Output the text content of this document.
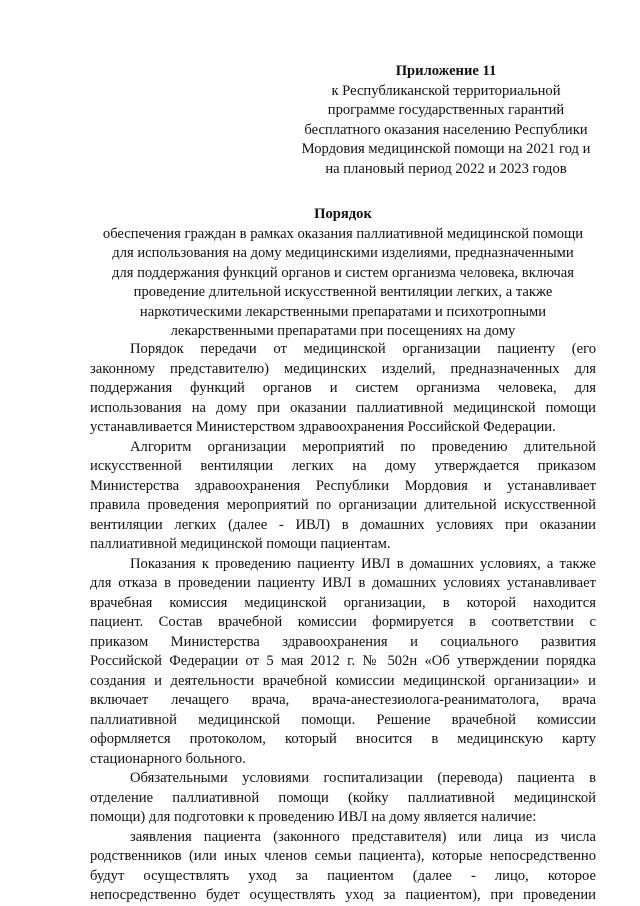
Приложение 11
к Республиканской территориальной
программе государственных гарантий
бесплатного оказания населению Республики
Мордовия медицинской помощи на 2021 год и
на плановый период 2022 и 2023 годов
Порядок
обеспечения граждан в рамках оказания паллиативной медицинской помощи
для использования на дому медицинскими изделиями, предназначенными
для поддержания функций органов и систем организма человека, включая
проведение длительной искусственной вентиляции легких, а также
наркотическими лекарственными препаратами и психотропными
лекарственными препаратами при посещениях на дому
Порядок передачи от медицинской организации пациенту (его
законному представителю) медицинских изделий, предназначенных для
поддержания функций органов и систем организма человека, для
использования на дому при оказании паллиативной медицинской помощи
устанавливается Министерством здравоохранения Российской Федерации.
Алгоритм организации мероприятий по проведению длительной
искусственной вентиляции легких на дому утверждается приказом
Министерства здравоохранения Республики Мордовия и устанавливает
правила проведения мероприятий по организации длительной искусственной
вентиляции легких (далее - ИВЛ) в домашних условиях при оказании
паллиативной медицинской помощи пациентам.
Показания к проведению пациенту ИВЛ в домашних условиях, а также
для отказа в проведении пациенту ИВЛ в домашних условиях устанавливает
врачебная комиссия медицинской организации, в которой находится
пациент. Состав врачебной комиссии формируется в соответствии с
приказом Министерства здравоохранения и социального развития
Российской Федерации от 5 мая 2012 г. № 502н «Об утверждении порядка
создания и деятельности врачебной комиссии медицинской организации» и
включает лечащего врача, врача-анестезиолога-реаниматолога, врача
паллиативной медицинской помощи. Решение врачебной комиссии
оформляется протоколом, который вносится в медицинскую карту
стационарного больного.
Обязательными условиями госпитализации (перевода) пациента в
отделение паллиативной помощи (койку паллиативной медицинской
помощи) для подготовки к проведению ИВЛ на дому является наличие:
заявления пациента (законного представителя) или лица из числа
родственников (или иных членов семьи пациента), которые непосредственно
будут осуществлять уход за пациентом (далее - лицо, которое
непосредственно будет осуществлять уход за пациентом), при проведении
